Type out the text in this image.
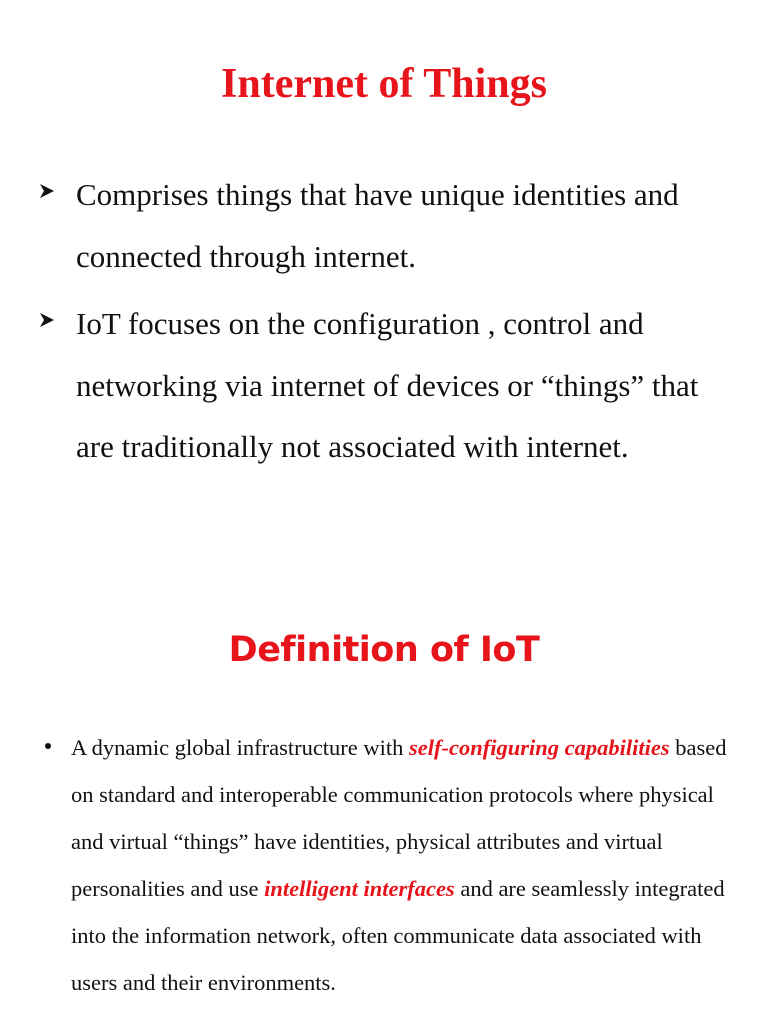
Internet of Things
Comprises things that have unique identities and connected through internet.
IoT focuses on the configuration , control and networking via internet of devices or “things” that are traditionally not associated with internet.
Definition of IoT
A dynamic global infrastructure with self-configuring capabilities based on standard and interoperable communication protocols where physical and virtual “things” have identities, physical attributes and virtual personalities and use intelligent interfaces and are seamlessly integrated into the information network, often communicate data associated with users and their environments.
